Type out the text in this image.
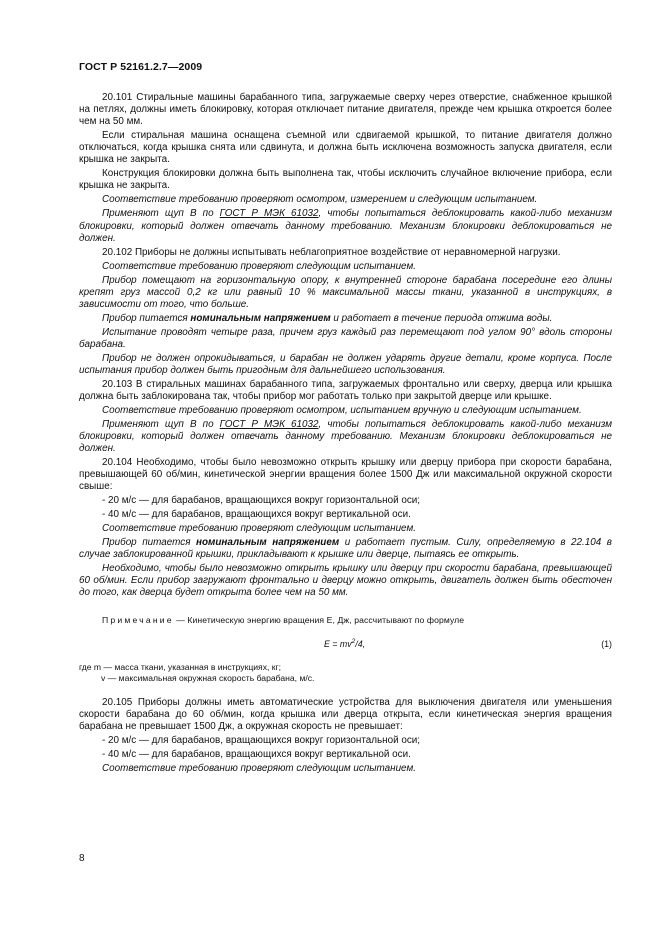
ГОСТ Р 52161.2.7—2009

20.101 Стиральные машины барабанного типа, загружаемые сверху через отверстие, снабженное крышкой на петлях, должны иметь блокировку, которая отключает питание двигателя, прежде чем крышка откроется более чем на 50 мм.

Если стиральная машина оснащена съемной или сдвигаемой крышкой, то питание двигателя должно отключаться, когда крышка снята или сдвинута, и должна быть исключена возможность запуска двигателя, если крышка не закрыта.

Конструкция блокировки должна быть выполнена так, чтобы исключить случайное включение прибора, если крышка не закрыта.

Соответствие требованию проверяют осмотром, измерением и следующим испытанием.

Применяют щуп В по ГОСТ Р МЭК 61032, чтобы попытаться деблокировать какой-либо механизм блокировки, который должен отвечать данному требованию. Механизм блокировки деблокироваться не должен.

20.102 Приборы не должны испытывать неблагоприятное воздействие от неравномерной нагрузки.

Соответствие требованию проверяют следующим испытанием.

Прибор помещают на горизонтальную опору, к внутренней стороне барабана посередине его длины крепят груз массой 0,2 кг или равный 10 % максимальной массы ткани, указанной в инструкциях, в зависимости от того, что больше.

Прибор питается номинальным напряжением и работает в течение периода отжима воды.

Испытание проводят четыре раза, причем груз каждый раз перемещают под углом 90° вдоль стороны барабана.

Прибор не должен опрокидываться, и барабан не должен ударять другие детали, кроме корпуса. После испытания прибор должен быть пригодным для дальнейшего использования.

20.103 В стиральных машинах барабанного типа, загружаемых фронтально или сверху, дверца или крышка должна быть заблокирована так, чтобы прибор мог работать только при закрытой дверце или крышке.

Соответствие требованию проверяют осмотром, испытанием вручную и следующим испытанием.

Применяют щуп В по ГОСТ Р МЭК 61032, чтобы попытаться деблокировать какой-либо механизм блокировки, который должен отвечать данному требованию. Механизм блокировки деблокироваться не должен.

20.104 Необходимо, чтобы было невозможно открыть крышку или дверцу прибора при скорости барабана, превышающей 60 об/мин, кинетической энергии вращения более 1500 Дж или максимальной окружной скорости свыше:

- 20 м/с — для барабанов, вращающихся вокруг горизонтальной оси;

- 40 м/с — для барабанов, вращающихся вокруг вертикальной оси.

Соответствие требованию проверяют следующим испытанием.

Прибор питается номинальным напряжением и работает пустым. Силу, определяемую в 22.104 в случае заблокированной крышки, прикладывают к крышке или дверце, пытаясь ее открыть.

Необходимо, чтобы было невозможно открыть крышку или дверцу при скорости барабана, превышающей 60 об/мин. Если прибор загружают фронтально и дверцу можно открыть, двигатель должен быть обесточен до того, как дверца будет открыта более чем на 50 мм.

Примечание — Кинетическую энергию вращения E, Дж, рассчитывают по формуле

$E = mv^2/4$,	(1)

где m — масса ткани, указанная в инструкциях, кг;

v — максимальная окружная скорость барабана, м/с.

20.105 Приборы должны иметь автоматические устройства для выключения двигателя или уменьшения скорости барабана до 60 об/мин, когда крышка или дверца открыта, если кинетическая энергия вращения барабана не превышает 1500 Дж, а окружная скорость не превышает:

- 20 м/с — для барабанов, вращающихся вокруг горизонтальной оси;

- 40 м/с — для барабанов, вращающихся вокруг вертикальной оси.

Соответствие требованию проверяют следующим испытанием.

8
